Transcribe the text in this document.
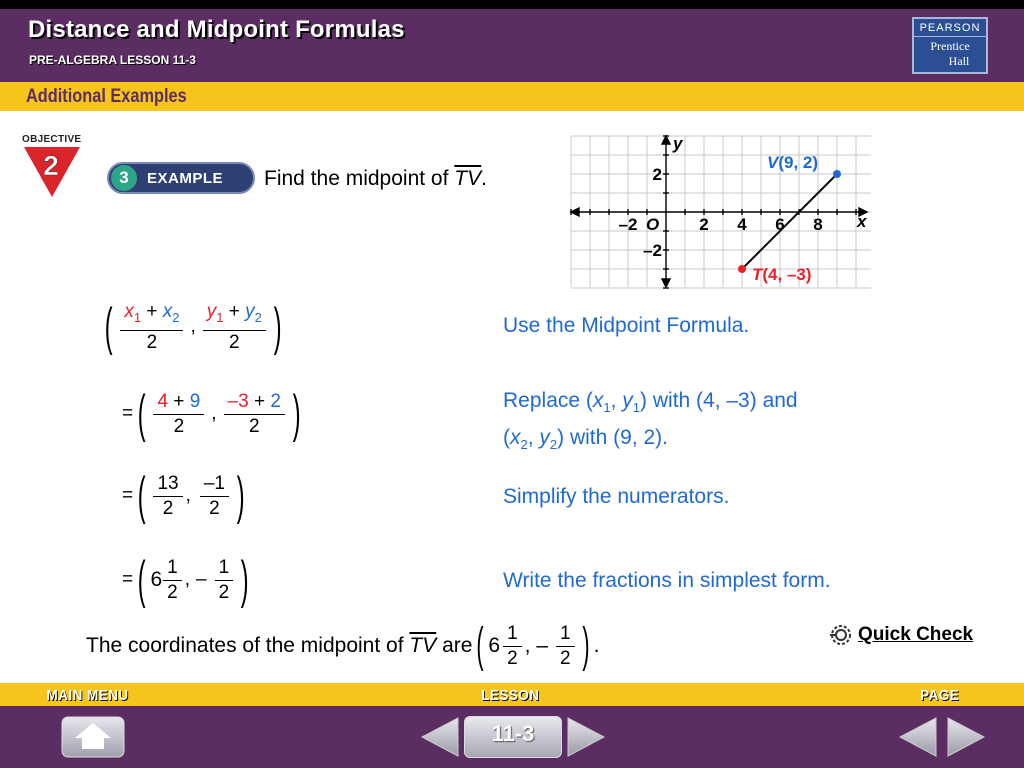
Distance and Midpoint Formulas
PRE-ALGEBRA LESSON 11-3
PEARSON
Prentice
Hall
Additional Examples
OBJECTIVE
2	3	EXAMPLE Find the midpoint of $\overline{TV}$.
y
x
O
–2	2 4 6 8
2
–2
V(9, 2)
T(4, –3)
( $\frac{x_1 + x_2}{2}$ , $\frac{y_1 + y_2}{2}$ )	Use the Midpoint Formula.
= ( $\frac{4 + 9}{2}$ , $\frac{-3 + 2}{2}$ )	Replace ($x_1$, $y_1$) with (4, –3) and
($x_2$, $y_2$) with (9, 2).
= ( $\frac{13}{2}$ , $\frac{-1}{2}$ )	Simplify the numerators.
= ( $6 \frac{1}{2}$ , – $\frac{1}{2}$ )	Write the fractions in simplest form.
The coordinates of the midpoint of
$\overline{TV}$
are ( $6 \frac{1}{2}$ , – $\frac{1}{2}$ ) .	Quick Check
MAIN MENU	LESSON	PAGE
11-3
